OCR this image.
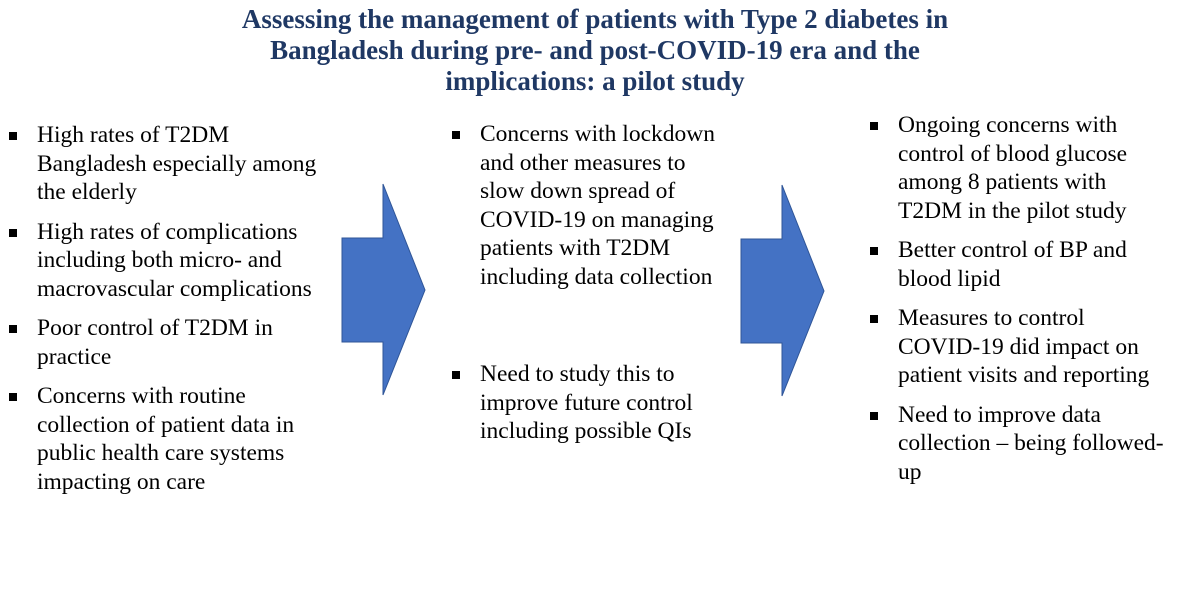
Assessing the management of patients with Type 2 diabetes in
Bangladesh during pre- and post-COVID-19 era and the
implications: a pilot study
High rates of T2DM Bangladesh especially among the elderly
High rates of complications including both micro- and macrovascular complications
Poor control of T2DM in practice
Concerns with routine collection of patient data in public health care systems impacting on care
Concerns with lockdown and other measures to slow down spread of COVID-19 on managing patients with T2DM including data collection
Need to study this to improve future control including possible QIs
Ongoing concerns with control of blood glucose among 8 patients with T2DM in the pilot study
Better control of BP and blood lipid
Measures to control COVID-19 did impact on patient visits and reporting
Need to improve data collection – being followed-up
